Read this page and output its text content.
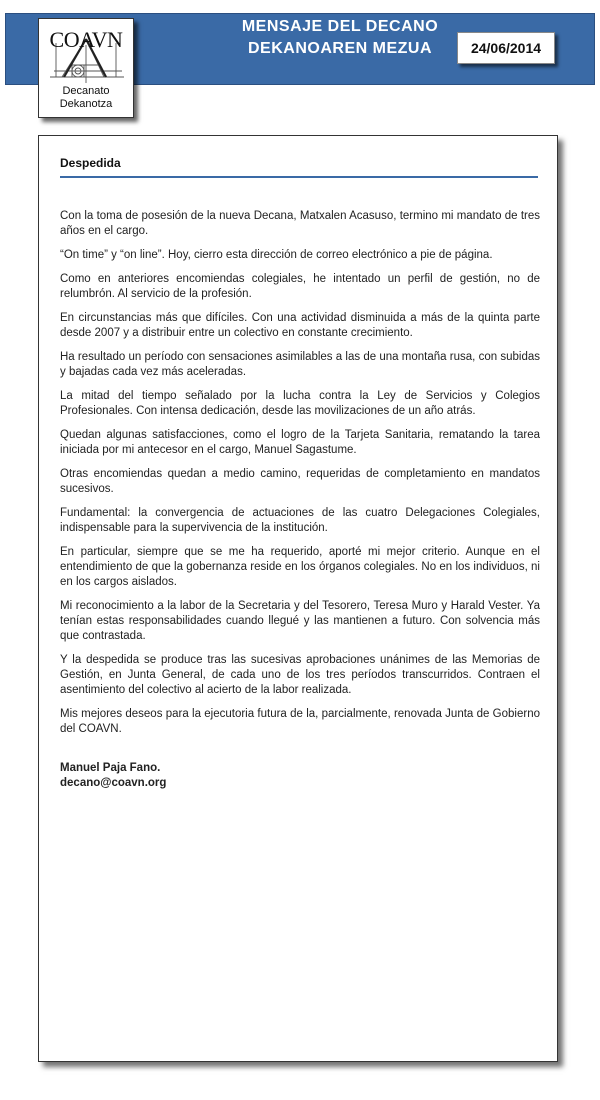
MENSAJE DEL DECANO
DEKANOAREN MEZUA	24/06/2014
COAVN
Decanato
Dekanotza
Despedida

Con la toma de posesión de la nueva Decana, Matxalen Acasuso, termino mi mandato de tres años en el cargo.

“On time” y “on line”. Hoy, cierro esta dirección de correo electrónico a pie de página.

Como en anteriores encomiendas colegiales, he intentado un perfil de gestión, no de relumbrón. Al servicio de la profesión.

En circunstancias más que difíciles. Con una actividad disminuida a más de la quinta parte desde 2007 y a distribuir entre un colectivo en constante crecimiento.

Ha resultado un período con sensaciones asimilables a las de una montaña rusa, con subidas y bajadas cada vez más aceleradas.

La mitad del tiempo señalado por la lucha contra la Ley de Servicios y Colegios Profesionales. Con intensa dedicación, desde las movilizaciones de un año atrás.

Quedan algunas satisfacciones, como el logro de la Tarjeta Sanitaria, rematando la tarea iniciada por mi antecesor en el cargo, Manuel Sagastume.

Otras encomiendas quedan a medio camino, requeridas de completamiento en mandatos sucesivos.

Fundamental: la convergencia de actuaciones de las cuatro Delegaciones Colegiales, indispensable para la supervivencia de la institución.

En particular, siempre que se me ha requerido, aporté mi mejor criterio. Aunque en el entendimiento de que la gobernanza reside en los órganos colegiales. No en los individuos, ni en los cargos aislados.

Mi reconocimiento a la labor de la Secretaria y del Tesorero, Teresa Muro y Harald Vester. Ya tenían estas responsabilidades cuando llegué y las mantienen a futuro. Con solvencia más que contrastada.

Y la despedida se produce tras las sucesivas aprobaciones unánimes de las Memorias de Gestión, en Junta General, de cada uno de los tres períodos transcurridos. Contraen el asentimiento del colectivo al acierto de la labor realizada.

Mis mejores deseos para la ejecutoria futura de la, parcialmente, renovada Junta de Gobierno del COAVN.

Manuel Paja Fano.
decano@coavn.org
